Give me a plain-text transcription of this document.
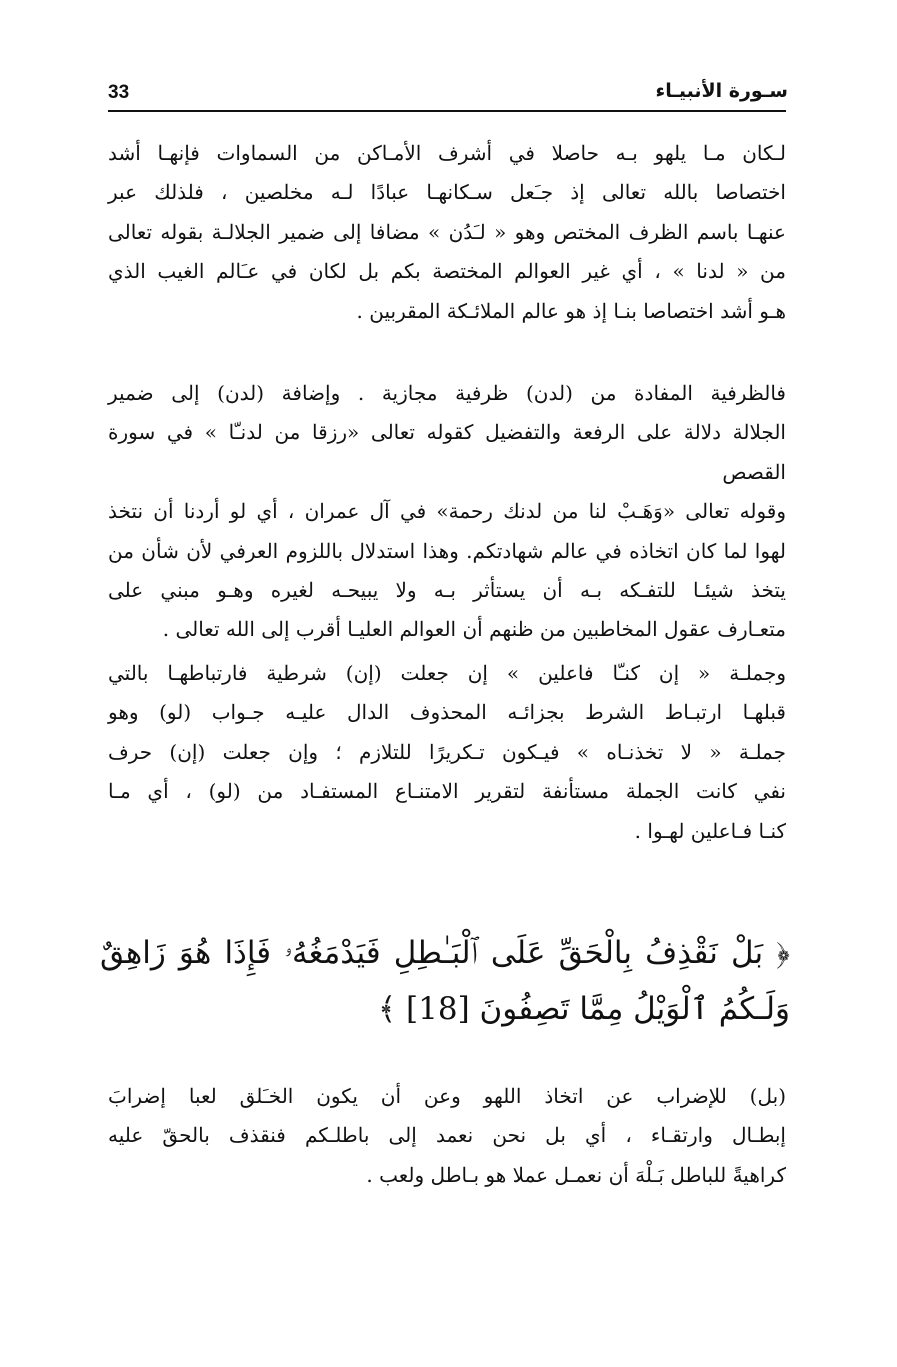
33	سـورة الأنبيـاء
لـكان مـا يلهو بـه حاصلا في أشرف الأمـاكن من السماوات فإنهـا أشد
اختصاصا بالله تعالى إذ جـَعل سـكانهـا عبادًا لـه مخلصين ، فلذلك عبر
عنهـا باسم الظرف المختص وهو « لـَدُن » مضافا إلى ضمير الجلالـة بقوله تعالى
من « لدنا » ، أي غير العوالم المختصة بكم بل لكان في عـَالم الغيب الذي
هـو أشد اختصاصا بنـا إذ هو عالم الملائـكة المقربين .
فالظرفية المفادة من (لدن) ظرفية مجازية . وإضافة (لدن) إلى ضمير
الجلالة دلالة على الرفعة والتفضيل كقوله تعالى «رزقا من لدنـّا » في سورة القصص
وقوله تعالى «وَهَـبْ لنا من لدنك رحمة» في آل عمران ، أي لو أردنا أن نتخذ
لهوا لما كان اتخاذه في عالم شهادتكم. وهذا استدلال باللزوم العرفي لأن شأن من
يتخذ شيئـا للتفـكه بـه أن يستأثر بـه ولا يبيحـه لغيره وهـو مبني على
متعـارف عقول المخاطبين من ظنهم أن العوالم العليـا أقرب إلى الله تعالى .
وجملـة « إن كنـّا فاعلين » إن جعلت (إن) شرطية فارتباطهـا بالتي
قبلهـا ارتبـاط الشرط بجزائـه المحذوف الدال عليـه جـواب (لو) وهو
جملـة « لا تخذنـاه » فيـكون تـكريرًا للتلازم ؛ وإن جعلت (إن) حرف
نفي كانت الجملة مستأنفة لتقرير الامتنـاع المستفـاد من (لو) ، أي مـا
كنـا فـاعلين لهـوا .
﴿ بَلْ نَقْذِفُ بِالْحَقِّ عَلَى ٱلْبَـٰطِلِ فَيَدْمَغُهُۥ فَإِذَا هُوَ زَاهِقٌ
وَلَـكُمُ ٱلْوَيْلُ مِمَّا تَصِفُونَ [18] ﴾
(بل) للإضراب عن اتخاذ اللهو وعن أن يكون الخـَلق لعبا إضرابَ
إبطـال وارتقـاء ، أي بل نحن نعمد إلى باطلـكم فنقذف بالحقّ عليه
كراهيةً للباطل بَـلْهَ أن نعمـل عملا هو بـاطل ولعب .
